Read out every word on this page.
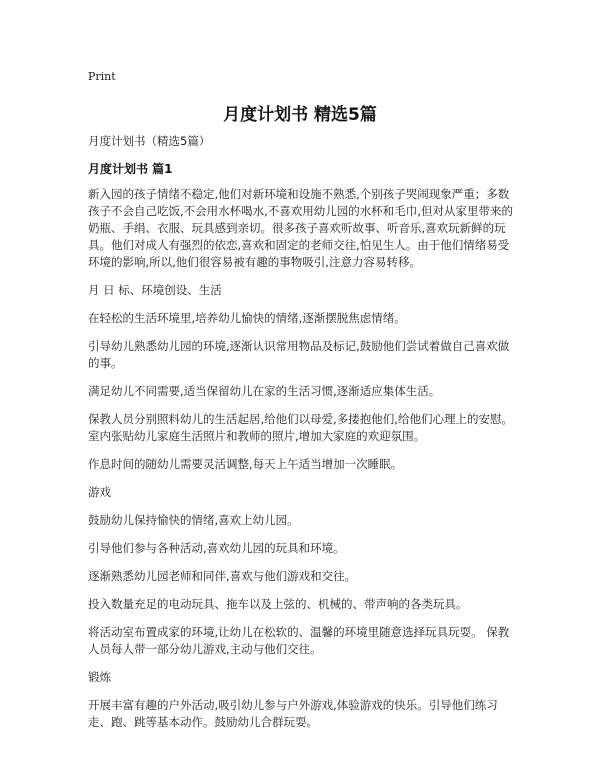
Print
月度计划书 精选5篇
月度计划书（精选5篇）
月度计划书 篇1

新入园的孩子情绪不稳定,他们对新环境和设施不熟悉,个别孩子哭闹现象严重；多数孩子不会自己吃饭,不会用水杯喝水,不喜欢用幼儿园的水杯和毛巾,但对从家里带来的奶瓶、手绢、衣服、玩具感到亲切。很多孩子喜欢听故事、听音乐,喜欢玩新鲜的玩具。他们对成人有强烈的依恋,喜欢和固定的老师交往,怕见生人。由于他们情绪易受环境的影响,所以,他们很容易被有趣的事物吸引,注意力容易转移。

月 日 标、环境创设、生活

在轻松的生活环境里,培养幼儿愉快的情绪,逐渐摆脱焦虑情绪。

引导幼儿熟悉幼儿园的环境,逐渐认识常用物品及标记,鼓励他们尝试着做自己喜欢做的事。

满足幼儿不同需要,适当保留幼儿在家的生活习惯,逐渐适应集体生活。

保教人员分别照料幼儿的生活起居,给他们以母爱,多搂抱他们,给他们心理上的安慰。 室内张贴幼儿家庭生活照片和教师的照片,增加大家庭的欢迎氛围。

作息时间的随幼儿需要灵活调整,每天上午适当增加一次睡眠。

游戏

鼓励幼儿保持愉快的情绪,喜欢上幼儿园。

引导他们参与各种活动,喜欢幼儿园的玩具和环境。

逐渐熟悉幼儿园老师和同伴,喜欢与他们游戏和交往。

投入数量充足的电动玩具、拖车以及上弦的、机械的、带声响的各类玩具。

将活动室布置成家的环境,让幼儿在松软的、温馨的环境里随意选择玩具玩耍。 保教人员每人带一部分幼儿游戏,主动与他们交往。

锻炼

开展丰富有趣的户外活动,吸引幼儿参与户外游戏,体验游戏的快乐。引导他们练习走、跑、跳等基本动作。鼓励幼儿合群玩耍。
